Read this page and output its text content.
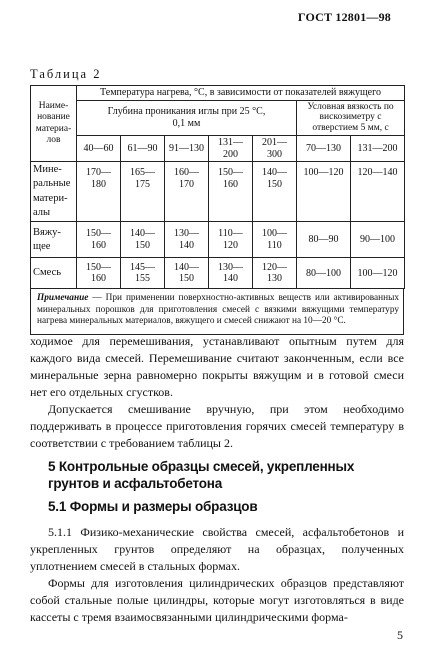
ГОСТ 12801—98
Таблица 2
Наиме-
нование
материа-
лов	Температура нагрева, °С, в зависимости от показателей вяжущего						
	Глубина проникания иглы при 25 °С,
0,1 мм					Условная вязкость по вискозиметру с отверстием 5 мм, с	
	40—60	61—90	91—130	131—200	201—300	70—130	131—200
Мине-
ральные
матери-
алы	170—180	165—175	160—170	150—160	140—150	100—120	120—140
Вяжу-
щее	150—160	140—150	130—140	110—120	100—110	80—90	90—100
Смесь	150—160	145—155	140—150	130—140	120—130	80—100	100—120
Примечание — При применении поверхностно-активных веществ или активированных минеральных порошков для приготовления смесей с вязкими вяжущими температуру нагрева минеральных материалов, вяжущего и смесей снижают на 10—20 °С.
ходимое для перемешивания, устанавливают опытным путем для каждого вида смесей. Перемешивание считают законченным, если все минеральные зерна равномерно покрыты вяжущим и в готовой смеси нет его отдельных сгустков.
Допускается смешивание вручную, при этом необходимо поддерживать в процессе приготовления горячих смесей температуру в соответствии с требованием таблицы 2.
5 Контрольные образцы смесей, укрепленных грунтов и асфальтобетона
5.1 Формы и размеры образцов
5.1.1 Физико-механические свойства смесей, асфальтобетонов и укрепленных грунтов определяют на образцах, полученных уплотнением смесей в стальных формах.
Формы для изготовления цилиндрических образцов представляют собой стальные полые цилиндры, которые могут изготовляться в виде кассеты с тремя взаимосвязанными цилиндрическими форма-
5
